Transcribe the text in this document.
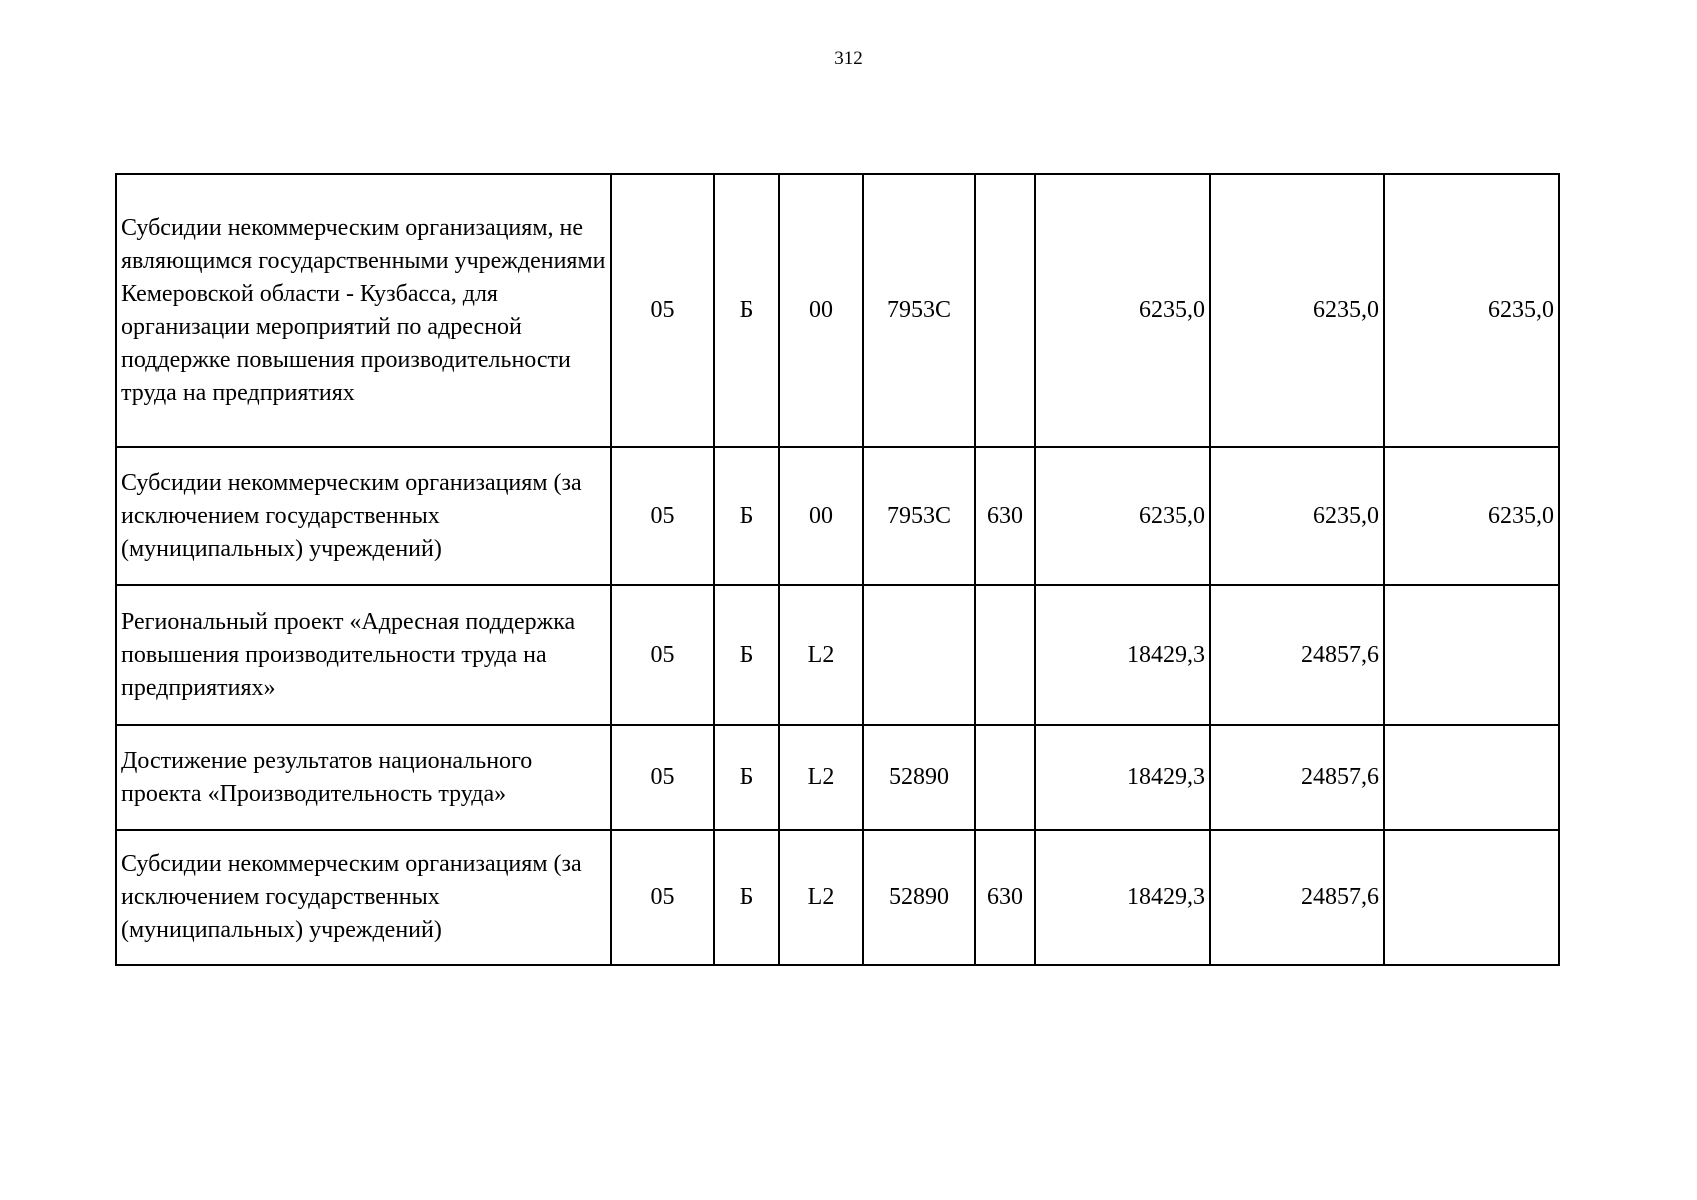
312
Субсидии некоммерческим организациям, не являющимся государственными учреждениями Кемеровской области - Кузбасса, для организации мероприятий по адресной поддержке повышения производительности труда на предприятиях	05	Б	00	7953С		6235,0	6235,0	6235,0
Субсидии некоммерческим организациям (за исключением государственных (муниципальных) учреждений)	05	Б	00	7953С	630	6235,0	6235,0	6235,0
Региональный проект «Адресная поддержка повышения производительности труда на предприятиях»	05	Б	L2			18429,3	24857,6	
Достижение результатов национального проекта «Производительность труда»	05	Б	L2	52890		18429,3	24857,6	
Субсидии некоммерческим организациям (за исключением государственных (муниципальных) учреждений)	05	Б	L2	52890	630	18429,3	24857,6	
